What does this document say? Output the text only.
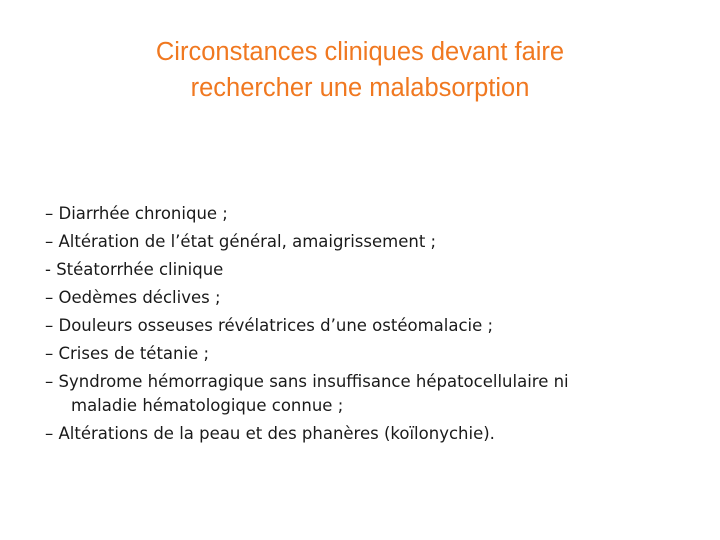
Circonstances cliniques devant faire
rechercher une malabsorption
– Diarrhée chronique ;
– Altération de l’état général, amaigrissement ;
- Stéatorrhée clinique
– Oedèmes déclives ;
– Douleurs osseuses révélatrices d’une ostéomalacie ;
– Crises de tétanie ;
– Syndrome hémorragique sans insuffisance hépatocellulaire ni
maladie hématologique connue ;
– Altérations de la peau et des phanères (koïlonychie).
